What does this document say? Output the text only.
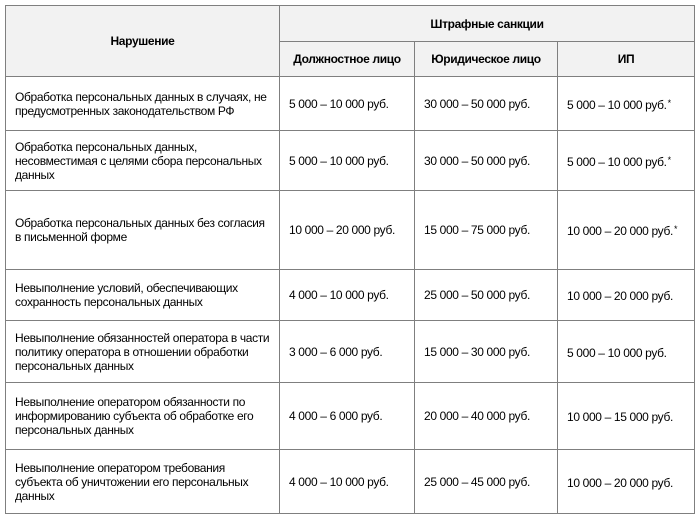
Нарушение	Штрафные санкции		
	Должностное лицо	Юридическое лицо	ИП
Обработка персональных данных в случаях, не предусмотренных законодательством РФ	5 000 – 10 000 руб.	30 000 – 50 000 руб.	5 000 – 10 000 руб.*
Обработка персональных данных, несовместимая с целями сбора персональных данных	5 000 – 10 000 руб.	30 000 – 50 000 руб.	5 000 – 10 000 руб.*
Обработка персональных данных без согласия в письменной форме	10 000 – 20 000 руб.	15 000 – 75 000 руб.	10 000 – 20 000 руб.*
Невыполнение условий, обеспечивающих сохранность персональных данных	4 000 – 10 000 руб.	25 000 – 50 000 руб.	10 000 – 20 000 руб.
Невыполнение обязанностей оператора в части политику оператора в отношении обработки персональных данных	3 000 – 6 000 руб.	15 000 – 30 000 руб.	5 000 – 10 000 руб.
Невыполнение оператором обязанности по информированию субъекта об обработке его персональных данных	4 000 – 6 000 руб.	20 000 – 40 000 руб.	10 000 – 15 000 руб.
Невыполнение оператором требования субъекта об уничтожении его персональных данных	4 000 – 10 000 руб.	25 000 – 45 000 руб.	10 000 – 20 000 руб.
